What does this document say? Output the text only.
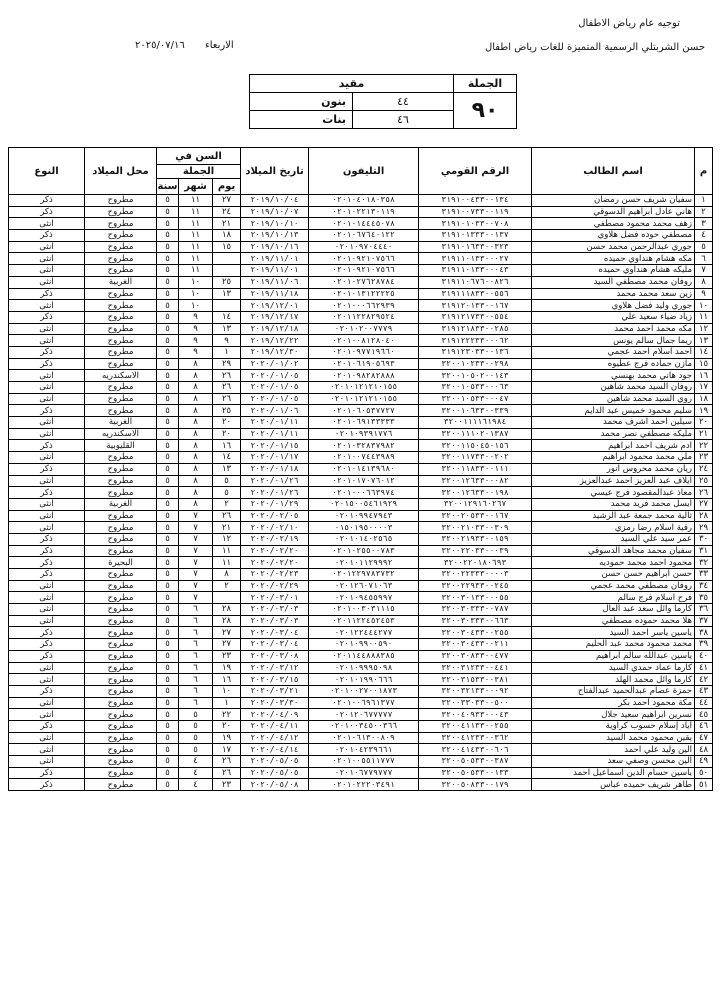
توجيه عام رياض الاطفال
حسن الشربتلي الرسمية المتميزة للغات رياض اطفال
الاربعاء
٢٠٢٥/٠٧/١٦
الجملة	مقيد	
٩٠	٤٤	بنون
	٤٦	بنات
م	اسم الطالب	الرقم القومي	التليفون	تاريخ الميلاد	السن في			محل الميلاد	النوع
					الجملة				
					يوم	شهر	سنة		
١	سفيان شريف حسن رمضان	٣١٩١٠٠٤٣٣٠٠١٣٤	٠٢٠١٠٤٠١٨٠٣٥٨	٢٠١٩/١٠/٠٤	٢٧	١١	٥	مطروح	ذكر
٢	هاني عادل ابراهيم الدسوقي	٣١٩١٠٠٧٣٣٠٠١١٩	٠٢٠١٠٢٢١٣٠١١٩	٢٠١٩/١٠/٠٧	٢٤	١١	٥	مطروح	ذكر
٣	زهف محمد محمود مصطفي	٣١٩١٠١٠٣٣٠٠٧٠٨	٠٢٠١٠١٤٤٤٥٠٧٨	٢٠١٩/١٠/١٠	٢١	١١	٥	مطروح	انثى
٤	مصطفي حوده فضل هلاوي	٣١٩١٠١٣٣٣٠٠١٣٧	٠٢٠١٠٦٧٦٤٠١٢٢	٢٠١٩/١٠/١٣	١٨	١١	٥	مطروح	ذكر
٥	جوري عبدالرحمن محمد حسن	٣١٩١٠١٦٣٣٠٠٣٢٣	٠٢٠١٠٩٧٠٤٤٤٠	٢٠١٩/١٠/١٦	١٥	١١	٥	مطروح	انثى
٦	مكه هشام هنداوي حميده	٣١٩١١٠١٣٣٠٠٠٢٧	٠٢٠١٠٩٢١٠٧٥٦٦	٢٠١٩/١١/٠١		١١	٥	مطروح	انثى
٧	مليكه هشام هنداوي حميده	٣١٩١١٠١٣٣٠٠٠٤٣	٠٢٠١٠٩٢١٠٧٥٦٦	٢٠١٩/١١/٠١		١١	٥	مطروح	انثى
٨	روفان محمد مصطفي السيد	٣١٩١١٠٦٧٦٠٠٨٢٦	٠٢٠١٠٢٧٦٢٨٧٨٤	٢٠١٩/١١/٠٦	٢٥	١٠	٥	الغربية	انثى
٩	زين سعد محمد محمد	٣١٩١١١٨٣٣٠٠٥٥٦	٠٢٠١٠١٣١٢٢٢٢٥	٢٠١٩/١١/١٨	١٣	١٠	٥	مطروح	ذكر
١٠	جوري وليد فضل هلاوي	٣١٩١٢٠١٣٣٠٠١٦٧	٠٢٠١٠٠٠٦٦٢٩٣٩	٢٠١٩/١٢/٠١		١٠	٥	مطروح	انثى
١١	زياد ضياء سعيد علي	٣١٩١٢١٧٣٣٠٠٥٥٤	٠٢٠١١٢٢٨٢٩٥٢٤	٢٠١٩/١٢/١٧	١٤	٩	٥	مطروح	ذكر
١٢	مكه محمد احمد محمد	٣١٩١٢١٨٣٣٠٠٢٨٥	٠٢٠١٠٢٠٠٧٧٧٩	٢٠١٩/١٢/١٨	١٣	٩	٥	مطروح	انثى
١٣	ريما جمال سالم يونس	٣١٩١٢٢٢٣٣٠٠٠٦٢	٠٢٠١٠٠٨١٢٨٠٤٠	٢٠١٩/١٢/٢٢	٩	٩	٥	مطروح	انثى
١٤	احمد اسلام احمد عجمي	٣١٩١٢٣٠٣٣٠٠١٣٦	٠٢٠١٠٩٧٧١٩٦٦٠	٢٠١٩/١٢/٣٠	١	٩	٥	مطروح	ذكر
١٥	مازن حماده فرج عطيوه	٣٢٠٠١٠٢٣٣٠٠٢٩٨	٠٢٠١٠٦١٩٠٥٦٩٣	٢٠٢٠/٠١/٠٢	٢٩	٨	٥	مطروح	ذكر
١٦	جود هاني محمد بهنسي	٣٢٠٠١٠٥٠٢٠٠١٤٣	٠٢٠١٠٩٨٢٨٢٨٨٨	٢٠٢٠/٠١/٠٥	٢٦	٨	٥	الاسكندريه	انثى
١٧	روفان السيد محمد شاهين	٣٢٠٠١٠٥٣٣٠٠٠٦٣	٠٢٠١٠١٢١٢١٠١٥٥	٢٠٢٠/٠١/٠٥	٢٦	٨	٥	مطروح	انثى
١٨	روي السيد محمد شاهين	٣٢٠٠١٠٥٣٣٠٠٠٤٧	٠٢٠١٠١٢١٢١٠١٥٥	٢٠٢٠/٠١/٠٥	٢٦	٨	٥	مطروح	انثى
١٩	سليم محمود خميس عبد الدايم	٣٢٠٠١٠٦٣٣٠٠٣٣٩	٠٢٠١٠٦٠٥٣٧٧٢٧	٢٠٢٠/٠١/٠٦	٢٥	٨	٥	مطروح	ذكر
٢٠	سيلين احمد اشرف محمد	٣٢٠٠١١١١٦١٩٨٤	٠٢٠١٠٦٩١٣٣٣٣٣	٢٠٢٠/٠١/١١	٢٠	٨	٥	الغربية	انثى
٢١	مليكه مصطفي نصر محمد	٣٢٠٠١١١٠٢٠١٣٨٧	٠٢٠١٠٩٣٩١٧٧٦	٢٠٢٠/٠١/١١	٢٠	٨	٥	الاسكندريه	انثى
٢٢	ادم شريف احمد ابراهيم	٣٢٠٠١١٥٠٤٥٠١٥٦	٠٢٠١٠٣٢٨٣٧٩٨٢	٢٠٢٠/٠١/١٥	١٦	٨	٥	القليوبية	ذكر
٢٣	ملي محمد محمود ابراهيم	٣٢٠٠١١٧٣٣٠٠٢٠٢	٠٢٠١٠٠٧٤٤٣٩٨٩	٢٠٢٠/٠١/١٧	١٤	٨	٥	مطروح	انثى
٢٤	ريان محمد محروس انور	٣٢٠٠١١٨٣٣٠٠١١١	٠٢٠١٠١٤١٣٩٦٨٠	٢٠٢٠/٠١/١٨	١٣	٨	٥	مطروح	ذكر
٢٥	ايلاف عبد العزيز احمد عبدالعزيز	٣٢٠٠١٢٦٣٣٠٠٠٨٢	٠٢٠١٠١٧٠٧٦٠١٢	٢٠٢٠/٠١/٢٦	٥	٨	٥	مطروح	انثى
٢٦	معاذ عبدالمقصود فرج عيسي	٣٢٠٠١٢٦٣٣٠٠١٩٨	٠٢٠١٠٠٠٦٦٣٩٧٤	٢٠٢٠/٠١/٢٦	٥	٨	٥	مطروح	ذكر
٢٧	ايسل محمد فريد محمد	٣٢٠٠١٢٩١٦٠٢٦٧	٠٢٠١٥٠٠٥٤٦١٩٢٩	٢٠٢٠/٠١/٢٩	٢	٨	٥	الغربية	انثى
٢٨	ثالية محمد جمعة عبد الرشيد	٣٢٠٠٢٠٥٣٣٠٠١٦٧	٠٢٠١٠٩٩٤٧٩٤٣	٢٠٢٠/٠٢/٠٥	٢٦	٧	٥	مطروح	انثى
٢٩	رقية اسلام رضا رمزي	٣٢٠٠٢١٠٣٣٠٠٣٠٩	٠١٥٠١٩٥٠٠٠٠٣	٢٠٢٠/٠٢/١٠	٢١	٧	٥	مطروح	انثى
٣٠	عمر سيد علي السيد	٣٢٠٠٢١٩٣٣٠٠١٥٩	٠٢٠١٠١٤٠٢٥٦٥	٢٠٢٠/٠٢/١٩	١٢	٧	٥	مطروح	ذكر
٣١	سفيان محمد مجاهد الدسوقي	٣٢٠٠٢٢٠٣٣٠٠٠٣٩	٠٢٠١٠٢٥٥٠٠٧٨٣	٢٠٢٠/٠٢/٢٠	١١	٧	٥	مطروح	ذكر
٣٢	محمود احمد محمد حموديه	٣٢٠٠٢٢٠١٨٠٦٩٣	٠٢٠١٠١١٢٩٩٩٢	٢٠٢٠/٠٢/٢٠	١١	٧	٥	البحيرة	ذكر
٣٣	حسن ابراهيم حسن حسن	٣٢٠٠٢٢٣٣٣٠٠٠٠٣	٠٢٠١٢٢٩٧٨٣٧٣٢	٢٠٢٠/٠٢/٢٣	٨	٧	٥	مطروح	ذكر
٣٤	روفان مصطفي محمد عجمي	٣٢٠٠٢٢٩٣٣٠٠٢٤٥	٠٢٠١٢٦٠٧١٠٦٣	٢٠٢٠/٠٢/٢٩	٢	٧	٥	مطروح	انثى
٣٥	فرح اسلام فرج سالم	٣٢٠٠٣٠١٣٣٠٠٠٥٥	٠٢٠١٠٩٤٥٥٩٩٧	٢٠٢٠/٠٣/٠١		٧	٥	مطروح	انثى
٣٦	كارما وائل سعد عبد العال	٣٢٠٠٣٠٣٣٣٠٠٧٨٧	٠٢٠١٠٠٣٠٣١١١٥	٢٠٢٠/٠٣/٠٣	٢٨	٦	٥	مطروح	انثى
٣٧	هلا محمد حموده مصطفي	٣٢٠٠٣٠٣٣٣٠٠٦٦٣	٠٢٠١١٢٢٤٥٢٤٥٣	٢٠٢٠/٠٣/٠٣	٢٨	٦	٥	مطروح	انثى
٣٨	ياسين ياسر احمد السيد	٣٢٠٠٣٠٤٣٣٠٠٢٥٥	٠٢٠١٢٢٤٤٤٢٧٧	٢٠٢٠/٠٣/٠٤	٢٧	٦	٥	مطروح	ذكر
٣٩	محمد محمود محمد عبد الحليم	٣٢٠٠٣٠٤٣٣٠٠٢١١	٠٢٠١٠٩٩٠٠٥٩٠	٢٠٢٠/٠٣/٠٤	٢٧	٦	٥	مطروح	ذكر
٤٠	ياسين عبدالله سالم ابراهيم	٣٢٠٠٣٠٨٣٣٠٠٤٧٧	٠٢٠١١٤٤٨٨٨٣٨٥	٢٠٢٠/٠٣/٠٨	٢٣	٦	٥	مطروح	ذكر
٤١	كارما عماد حمدي السيد	٣٢٠٠٣١٢٣٣٠٠٤٤١	٠٢٠١٠٩٩٩٥٠٩٨	٢٠٢٠/٠٣/١٢	١٩	٦	٥	مطروح	انثى
٤٢	كارما وائل محمد الهلد	٣٢٠٠٣١٥٣٣٠٠٣٨١	٠٢٠١٠١٩٩٠٦٦٦	٢٠٢٠/٠٣/١٥	١٦	٦	٥	مطروح	انثى
٤٣	حمزة عصام عبدالحميد عبدالفتاح	٣٢٠٠٣٢١٣٣٠٠٠٩٢	٠٢٠١٠٠٢٧٠٠١٨٧٣	٢٠٢٠/٠٣/٢١	١٠	٦	٥	مطروح	ذكر
٤٤	مكة محمود احمد بكر	٣٢٠٠٣٣٠٣٣٠٠٥٠٠	٠٢٠١٠٠٦٩٦١٣٧٧	٢٠٢٠/٠٣/٣٠	١	٦	٥	مطروح	انثى
٤٥	نسرين ابراهيم سعيد جلال	٣٢٠٠٤٠٩٣٣٠٠٠٤٣	٠٢٠١٢٠٦٧٧٧٧٧	٢٠٢٠/٠٤/٠٩	٢٢	٥	٥	مطروح	انثى
٤٦	اياد إسلام حسوب كراوية	٣٢٠٠٤١١٣٣٠٠٢٥٥	٠٢٠١٠٠٣٤٥٠٠٣٦٦	٢٠٢٠/٠٤/١١	٢٠	٥	٥	مطروح	ذكر
٤٧	يقين محمود محمد السيد	٣٢٠٠٤١٢٣٣٠٠٣٦٢	٠٢٠١٠٦١٣٠٠٨٠٩	٢٠٢٠/٠٤/١٢	١٩	٥	٥	مطروح	انثى
٤٨	الين وليد علي احمد	٣٢٠٠٤١٤٣٣٠٠٦٠٦	٠٢٠١٠٤٢٣٩٦٦١	٢٠٢٠/٠٤/١٤	١٧	٥	٥	مطروح	انثى
٤٩	الين محسن وصفي سعد	٣٢٠٠٥٠٥٣٣٠٠٣٨٧	٠٢٠١٠٠٥٥١١٧٧٧	٢٠٢٠/٠٥/٠٥	٢٦	٤	٥	مطروح	انثى
٥٠	ياسين حسام الدين اسماعيل احمد	٣٢٠٠٥٠٥٣٣٠٠١٣٣	٠٢٠١٠٦٧٧٩٧٧٧	٢٠٢٠/٠٥/٠٥	٢٦	٤	٥	مطروح	ذكر
٥١	طاهر شريف حميده عباس	٣٢٠٠٥٠٨٣٣٠٠١٧٩	٠٢٠١٠٢٢٢٠٣٤٩١	٢٠٢٠/٠٥/٠٨	٢٣	٤	٥	مطروح	ذكر
